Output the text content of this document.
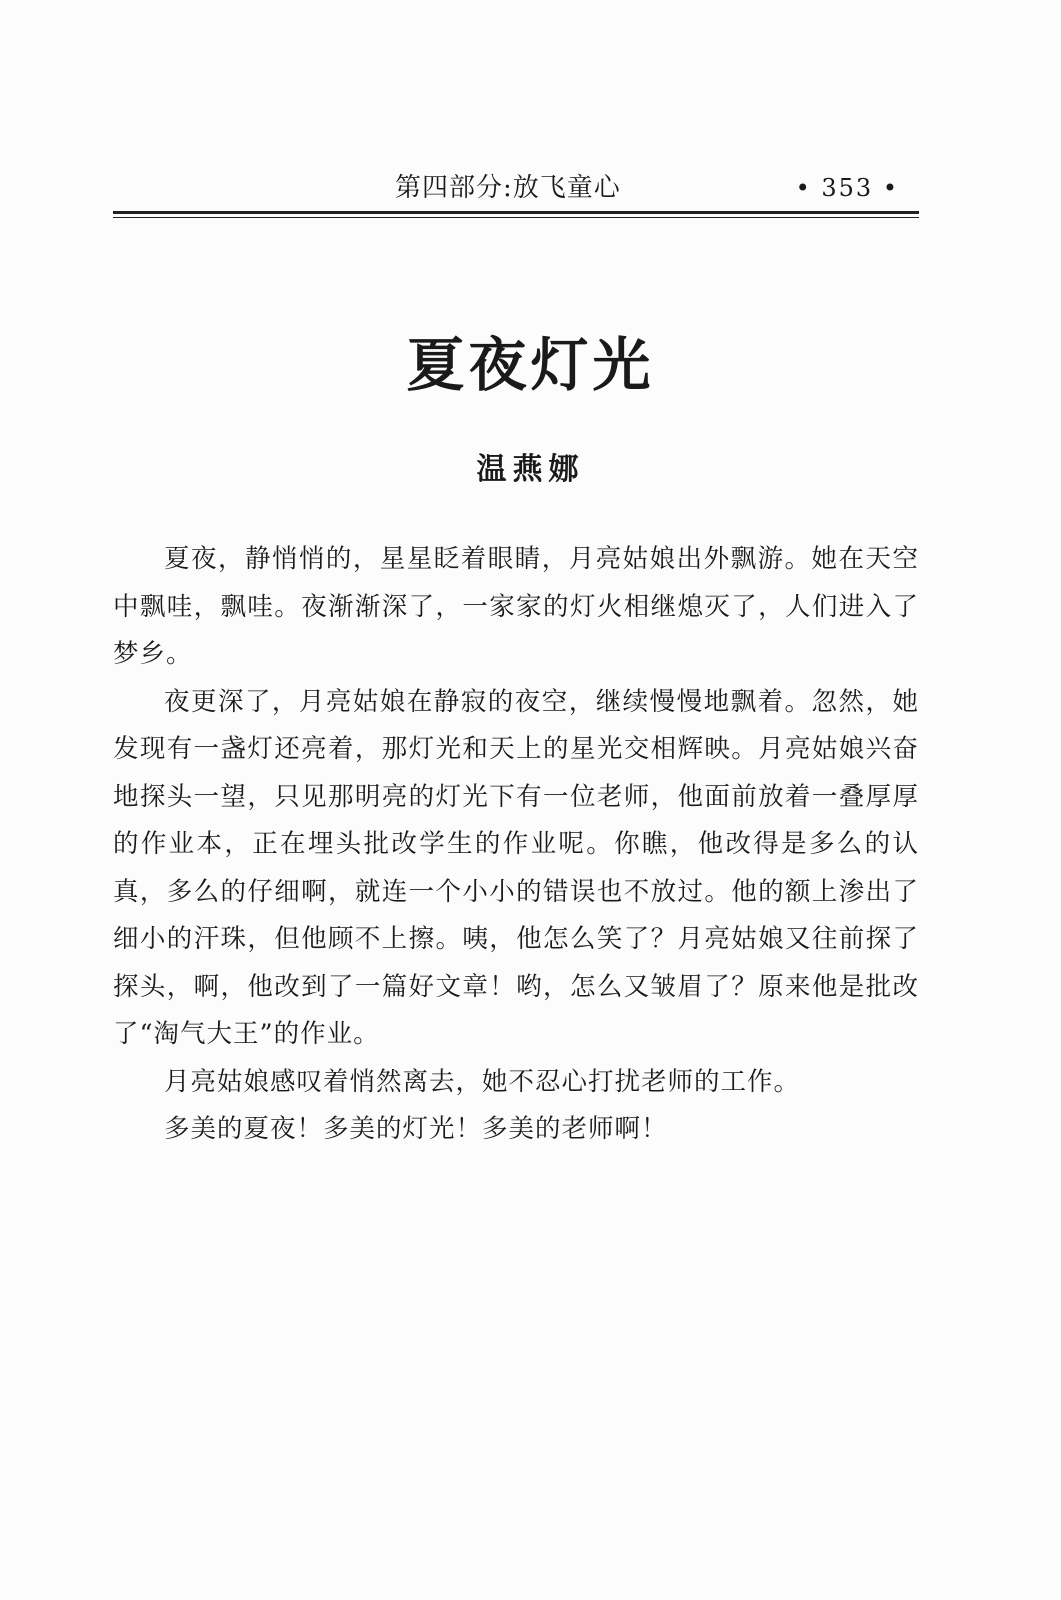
第四部分:放飞童心	• 353 •
夏夜灯光
温燕娜

夏夜，静悄悄的，星星眨着眼睛，月亮姑娘出外飘游。她在天空中飘哇，飘哇。夜渐渐深了，一家家的灯火相继熄灭了，人们进入了梦乡。

夜更深了，月亮姑娘在静寂的夜空，继续慢慢地飘着。忽然，她发现有一盏灯还亮着，那灯光和天上的星光交相辉映。月亮姑娘兴奋地探头一望，只见那明亮的灯光下有一位老师，他面前放着一叠厚厚的作业本，正在埋头批改学生的作业呢。你瞧，他改得是多么的认真，多么的仔细啊，就连一个小小的错误也不放过。他的额上渗出了细小的汗珠，但他顾不上擦。咦，他怎么笑了？月亮姑娘又往前探了探头，啊，他改到了一篇好文章！哟，怎么又皱眉了？原来他是批改了“淘气大王”的作业。

月亮姑娘感叹着悄然离去，她不忍心打扰老师的工作。

多美的夏夜！多美的灯光！多美的老师啊！
